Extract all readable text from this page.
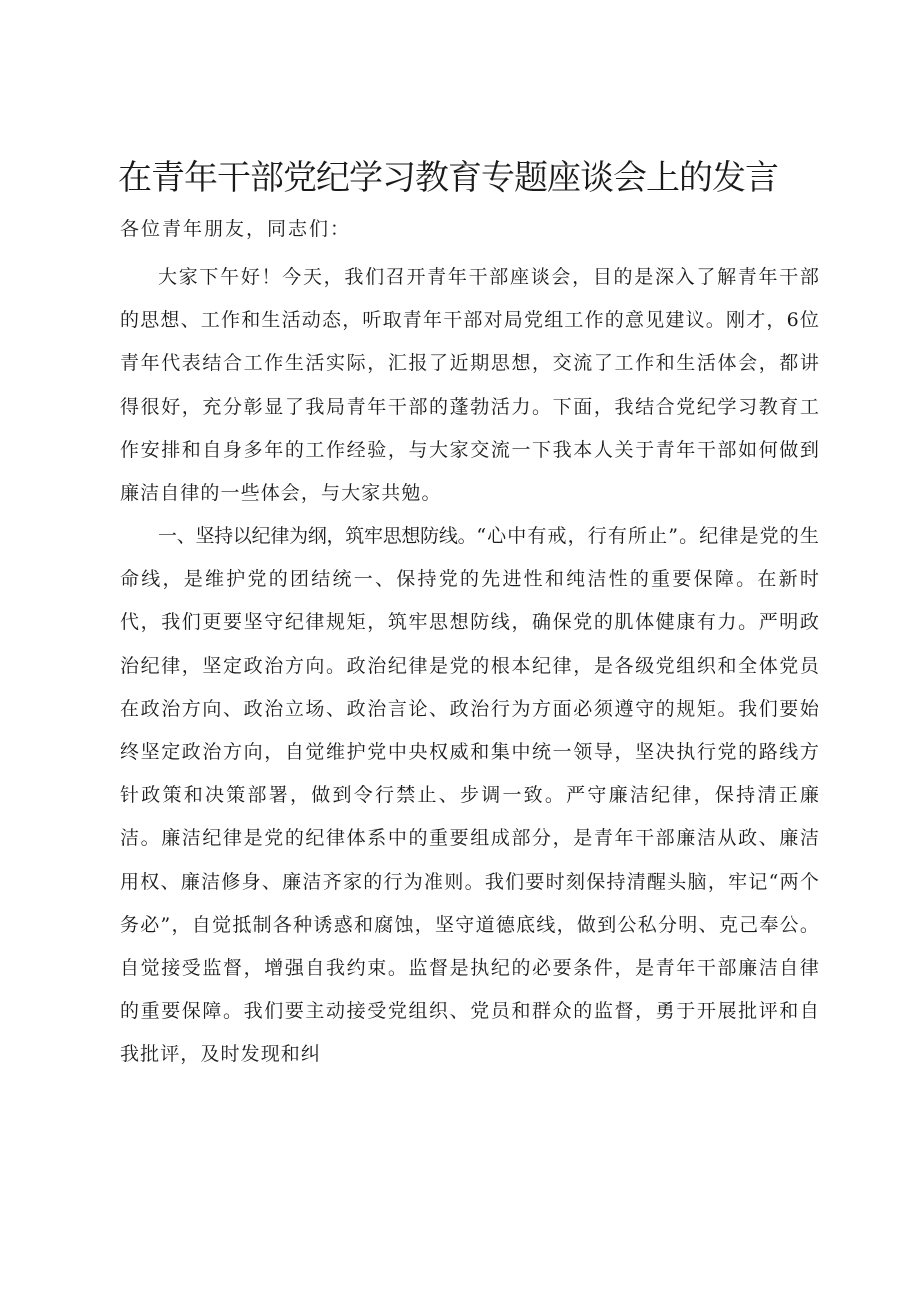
在青年干部党纪学习教育专题座谈会上的发言

各位青年朋友，同志们：

大家下午好！今天，我们召开青年干部座谈会，目的是深入了解青年干部的思想、工作和生活动态，听取青年干部对局党组工作的意见建议。刚才，6位青年代表结合工作生活实际，汇报了近期思想，交流了工作和生活体会，都讲得很好，充分彰显了我局青年干部的蓬勃活力。下面，我结合党纪学习教育工作安排和自身多年的工作经验，与大家交流一下我本人关于青年干部如何做到廉洁自律的一些体会，与大家共勉。

一、坚持以纪律为纲，筑牢思想防线。“心中有戒，行有所止”。纪律是党的生命线，是维护党的团结统一、保持党的先进性和纯洁性的重要保障。在新时代，我们更要坚守纪律规矩，筑牢思想防线，确保党的肌体健康有力。严明政治纪律，坚定政治方向。政治纪律是党的根本纪律，是各级党组织和全体党员在政治方向、政治立场、政治言论、政治行为方面必须遵守的规矩。我们要始终坚定政治方向，自觉维护党中央权威和集中统一领导，坚决执行党的路线方针政策和决策部署，做到令行禁止、步调一致。严守廉洁纪律，保持清正廉洁。廉洁纪律是党的纪律体系中的重要组成部分，是青年干部廉洁从政、廉洁用权、廉洁修身、廉洁齐家的行为准则。我们要时刻保持清醒头脑，牢记“两个务必”，自觉抵制各种诱惑和腐蚀，坚守道德底线，做到公私分明、克己奉公。自觉接受监督，增强自我约束。监督是执纪的必要条件，是青年干部廉洁自律的重要保障。我们要主动接受党组织、党员和群众的监督，勇于开展批评和自我批评，及时发现和纠
